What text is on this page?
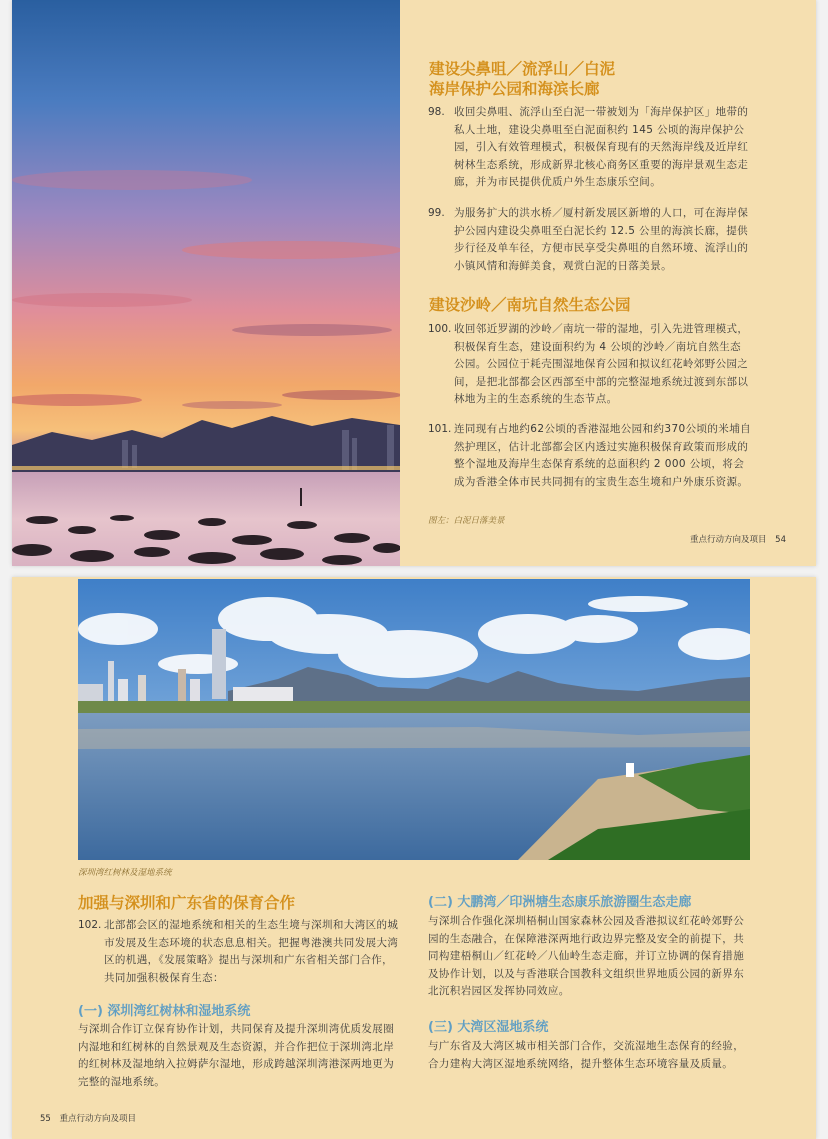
建设尖鼻咀／流浮山／白泥
海岸保护公园和海滨长廊
98. 收回尖鼻咀、流浮山至白泥一带被划为「海岸保护区」地带的私人土地，建设尖鼻咀至白泥面积约 145 公顷的海岸保护公园，引入有效管理模式，积极保育现有的天然海岸线及近岸红树林生态系统，形成新界北核心商务区重要的海岸景观生态走廊，并为市民提供优质户外生态康乐空间。
99. 为服务扩大的洪水桥／厦村新发展区新增的人口，可在海岸保护公园内建设尖鼻咀至白泥长约 12.5 公里的海滨长廊，提供步行径及单车径，方便市民享受尖鼻咀的自然环境、流浮山的小镇风情和海鲜美食，观赏白泥的日落美景。
建设沙岭／南坑自然生态公园
100. 收回邻近罗湖的沙岭／南坑一带的湿地，引入先进管理模式，积极保育生态，建设面积约为 4 公顷的沙岭／南坑自然生态公园。公园位于耗壳围湿地保育公园和拟议红花岭郊野公园之间，是把北部都会区西部至中部的完整湿地系统过渡到东部以林地为主的生态系统的生态节点。
101. 连同现有占地约62公顷的香港湿地公园和约370公顷的米埔自然护理区，估计北部都会区内透过实施积极保育政策而形成的整个湿地及海岸生态保育系统的总面积约 2 000 公顷，将会成为香港全体市民共同拥有的宝贵生态生境和户外康乐资源。
图左：白泥日落美景
重点行动方向及项目 54
深圳湾红树林及湿地系统
加强与深圳和广东省的保育合作
102. 北部都会区的湿地系统和相关的生态生境与深圳和大湾区的城市发展及生态环境的状态息息相关。把握粤港澳共同发展大湾区的机遇，《发展策略》提出与深圳和广东省相关部门合作，共同加强积极保育生态：
(一) 深圳湾红树林和湿地系统
与深圳合作订立保育协作计划，共同保育及提升深圳湾优质发展圈内湿地和红树林的自然景观及生态资源，并合作把位于深圳湾北岸的红树林及湿地纳入拉姆萨尔湿地，形成跨越深圳湾港深两地更为完整的湿地系统。
(二) 大鹏湾／印洲塘生态康乐旅游圈生态走廊
与深圳合作强化深圳梧桐山国家森林公园及香港拟议红花岭郊野公园的生态融合，在保障港深两地行政边界完整及安全的前提下，共同构建梧桐山／红花岭／八仙岭生态走廊，并订立协调的保育措施及协作计划，以及与香港联合国教科文组织世界地质公园的新界东北沉积岩园区发挥协同效应。
(三) 大湾区湿地系统
与广东省及大湾区城市相关部门合作，交流湿地生态保育的经验，合力建构大湾区湿地系统网络，提升整体生态环境容量及质量。
55 重点行动方向及项目
